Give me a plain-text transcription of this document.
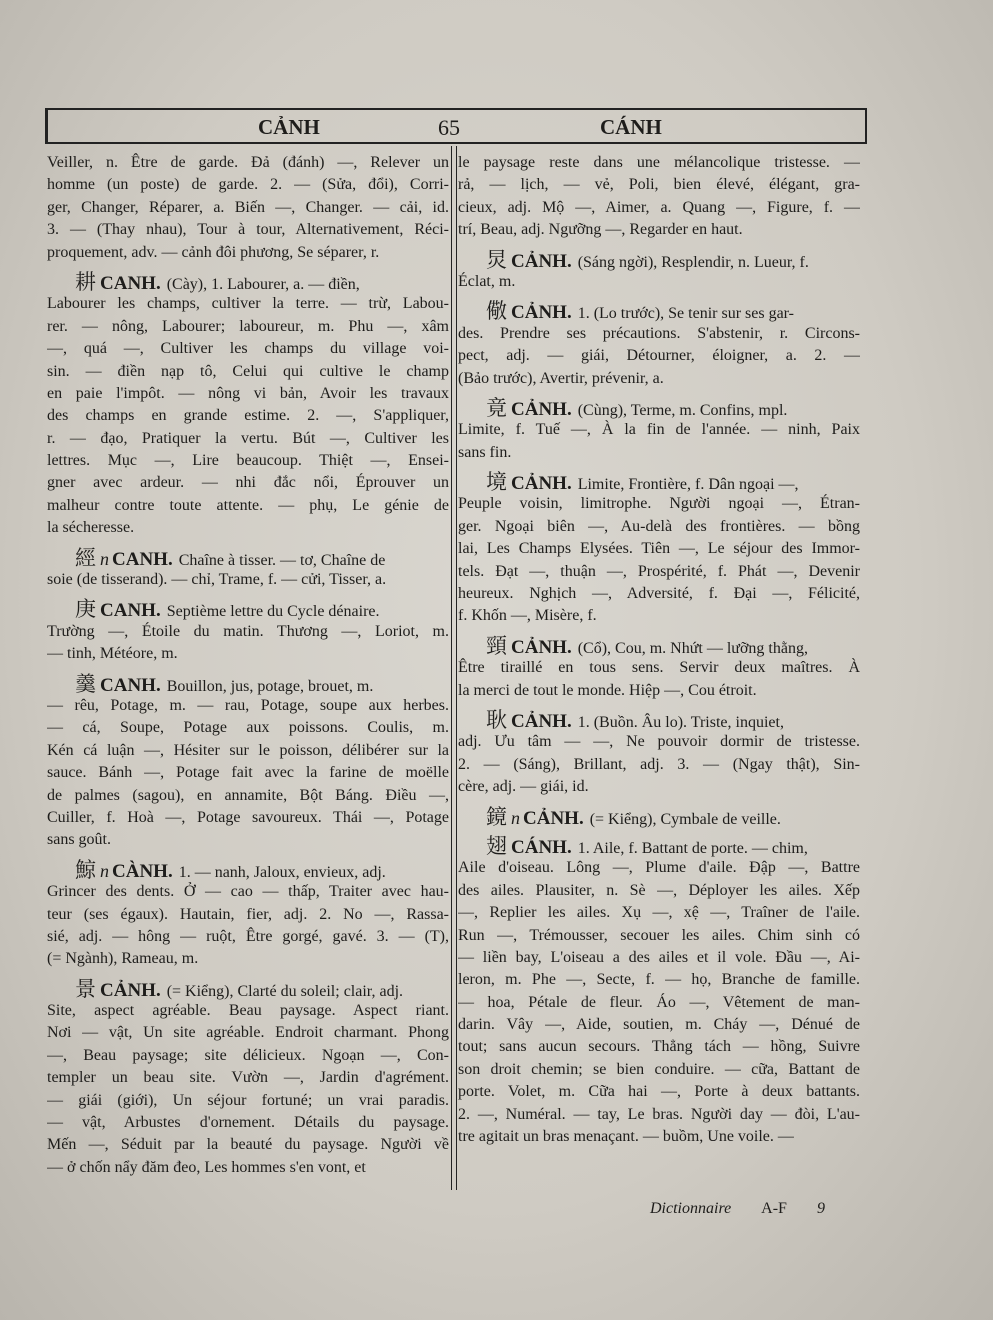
CẢNH	65	CÁNH
Veiller, n. Être de garde. Đả (đánh) —, Relever un
homme (un poste) de garde. 2. — (Sửa, đổi), Corri-
ger, Changer, Réparer, a. Biến —, Changer. — cải, id.
3. — (Thay nhau), Tour à tour, Alternativement, Réci-
proquement, adv. — cảnh đôi phương, Se séparer, r.
耕 CANH. (Cày), 1. Labourer, a. — điền,
Labourer les champs, cultiver la terre. — trừ, Labou-
rer. — nông, Labourer; laboureur, m. Phu —, xâm
—, quá —, Cultiver les champs du village voi-
sin. — điền nạp tô, Celui qui cultive le champ
en paie l'impôt. — nông vi bản, Avoir les travaux
des champs en grande estime. 2. —, S'appliquer,
r. — đạo, Pratiquer la vertu. Bút —, Cultiver les
lettres. Mục —, Lire beaucoup. Thiệt —, Ensei-
gner avec ardeur. — nhi đắc nổi, Éprouver un
malheur contre toute attente. — phụ, Le génie de
la sécheresse.
經 n CANH. Chaîne à tisser. — tơ, Chaîne de
soie (de tisserand). — chỉ, Trame, f. — cửi, Tisser, a.
庚 CANH. Septième lettre du Cycle dénaire.
Trường —, Étoile du matin. Thương —, Loriot, m.
— tinh, Météore, m.
羹 CANH. Bouillon, jus, potage, brouet, m.
— rêu, Potage, m. — rau, Potage, soupe aux herbes.
— cá, Soupe, Potage aux poissons. Coulis, m.
Kén cá luận —, Hésiter sur le poisson, délibérer sur la
sauce. Bánh —, Potage fait avec la farine de moëlle
de palmes (sagou), en annamite, Bột Báng. Điều —,
Cuiller, f. Hoà —, Potage savoureux. Thái —, Potage
sans goût.
鯨 n CÀNH. 1. — nanh, Jaloux, envieux, adj.
Grincer des dents. Ở — cao — thấp, Traiter avec hau-
teur (ses égaux). Hautain, fier, adj. 2. No —, Rassa-
sié, adj. — hông — ruột, Être gorgé, gavé. 3. — (T),
(= Ngành), Rameau, m.
景 CẢNH. (= Kiểng), Clarté du soleil; clair, adj.
Site, aspect agréable. Beau paysage. Aspect riant.
Nơi — vật, Un site agréable. Endroit charmant. Phong
—, Beau paysage; site délicieux. Ngoạn —, Con-
templer un beau site. Vườn —, Jardin d'agrément.
— giái (giới), Un séjour fortuné; un vrai paradis.
— vật, Arbustes d'ornement. Détails du paysage.
Mến —, Séduit par la beauté du paysage. Người về
— ở chốn nẩy đăm đeo, Les hommes s'en vont, et
le paysage reste dans une mélancolique tristesse. —
rả, — lịch, — vẻ, Poli, bien élevé, élégant, gra-
cieux, adj. Mộ —, Aimer, a. Quang —, Figure, f. —
trí, Beau, adj. Ngưỡng —, Regarder en haut.
炅 CẢNH. (Sáng ngời), Resplendir, n. Lueur, f.
Éclat, m.
儆 CẢNH. 1. (Lo trước), Se tenir sur ses gar-
des. Prendre ses précautions. S'abstenir, r. Circons-
pect, adj. — giái, Détourner, éloigner, a. 2. —
(Bảo trước), Avertir, prévenir, a.
竟 CẢNH. (Cùng), Terme, m. Confins, mpl.
Limite, f. Tuế —, À la fin de l'année. — ninh, Paix
sans fin.
境 CẢNH. Limite, Frontière, f. Dân ngoại —,
Peuple voisin, limitrophe. Người ngoại —, Étran-
ger. Ngoại biên —, Au-delà des frontières. — bồng
lai, Les Champs Elysées. Tiên —, Le séjour des Immor-
tels. Đạt —, thuận —, Prospérité, f. Phát —, Devenir
heureux. Nghịch —, Adversité, f. Đại —, Félicité,
f. Khốn —, Misère, f.
頸 CẢNH. (Cổ), Cou, m. Nhứt — lưỡng thằng,
Être tiraillé en tous sens. Servir deux maîtres. À
la merci de tout le monde. Hiệp —, Cou étroit.
耿 CẢNH. 1. (Buồn. Âu lo). Triste, inquiet,
adj. Ưu tâm — —, Ne pouvoir dormir de tristesse.
2. — (Sáng), Brillant, adj. 3. — (Ngay thật), Sin-
cère, adj. — giái, id.
鏡 n CẢNH. (= Kiểng), Cymbale de veille.
翅 CÁNH. 1. Aile, f. Battant de porte. — chim,
Aile d'oiseau. Lông —, Plume d'aile. Đập —, Battre
des ailes. Plausiter, n. Sè —, Déployer les ailes. Xếp
—, Replier les ailes. Xụ —, xệ —, Traîner de l'aile.
Run —, Trémousser, secouer les ailes. Chim sinh có
— liền bay, L'oiseau a des ailes et il vole. Đầu —, Ai-
leron, m. Phe —, Secte, f. — họ, Branche de famille.
— hoa, Pétale de fleur. Áo —, Vêtement de man-
darin. Vây —, Aide, soutien, m. Cháy —, Dénué de
tout; sans aucun secours. Thẳng tách — hồng, Suivre
son droit chemin; se bien conduire. — cữa, Battant de
porte. Volet, m. Cữa hai —, Porte à deux battants.
2. —, Numéral. — tay, Le bras. Người day — đòi, L'au-
tre agitait un bras menaçant. — buồm, Une voile. —
Dictionnaire A-F 9
